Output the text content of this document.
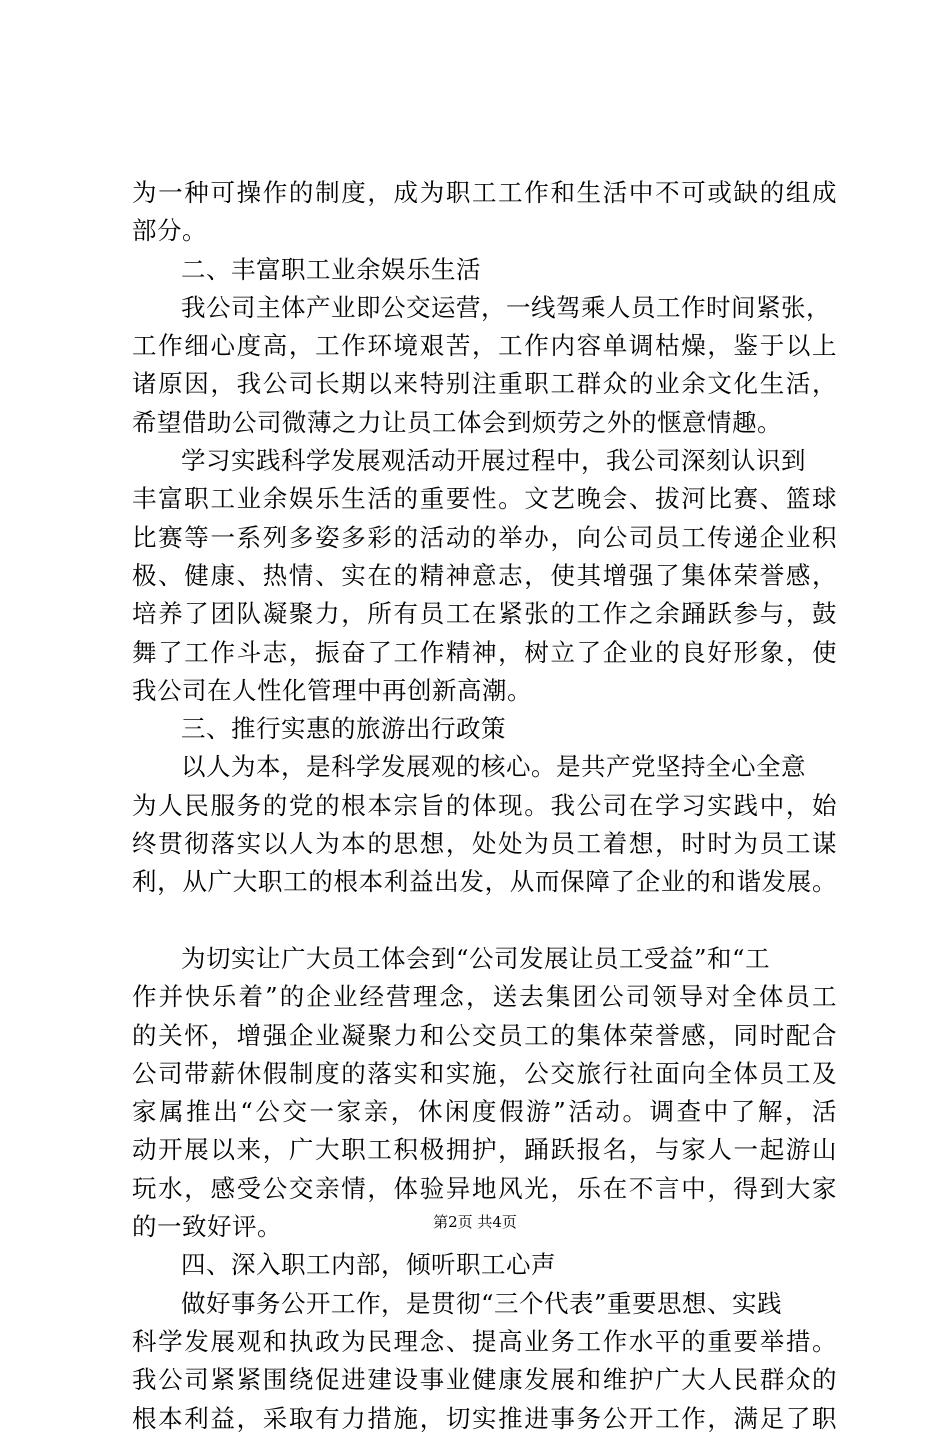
为一种可操作的制度，成为职工工作和生活中不可或缺的组成
部分。
二、丰富职工业余娱乐生活
我公司主体产业即公交运营，一线驾乘人员工作时间紧张，
工作细心度高，工作环境艰苦，工作内容单调枯燥，鉴于以上
诸原因，我公司长期以来特别注重职工群众的业余文化生活，
希望借助公司微薄之力让员工体会到烦劳之外的惬意情趣。
学习实践科学发展观活动开展过程中，我公司深刻认识到
丰富职工业余娱乐生活的重要性。文艺晚会、拔河比赛、篮球
比赛等一系列多姿多彩的活动的举办，向公司员工传递企业积
极、健康、热情、实在的精神意志，使其增强了集体荣誉感，
培养了团队凝聚力，所有员工在紧张的工作之余踊跃参与，鼓
舞了工作斗志，振奋了工作精神，树立了企业的良好形象，使
我公司在人性化管理中再创新高潮。
三、推行实惠的旅游出行政策
以人为本，是科学发展观的核心。是共产党坚持全心全意
为人民服务的党的根本宗旨的体现。我公司在学习实践中，始
终贯彻落实以人为本的思想，处处为员工着想，时时为员工谋
利，从广大职工的根本利益出发，从而保障了企业的和谐发展。
为切实让广大员工体会到“公司发展让员工受益”和“工
作并快乐着”的企业经营理念，送去集团公司领导对全体员工
的关怀，增强企业凝聚力和公交员工的集体荣誉感，同时配合
公司带薪休假制度的落实和实施，公交旅行社面向全体员工及
家属推出“公交一家亲，休闲度假游”活动。调查中了解，活
动开展以来，广大职工积极拥护，踊跃报名，与家人一起游山
玩水，感受公交亲情，体验异地风光，乐在不言中，得到大家
的一致好评。
四、深入职工内部，倾听职工心声
做好事务公开工作，是贯彻“三个代表”重要思想、实践
科学发展观和执政为民理念、提高业务工作水平的重要举措。
我公司紧紧围绕促进建设事业健康发展和维护广大人民群众的
根本利益，采取有力措施，切实推进事务公开工作，满足了职
第2页 共4页
